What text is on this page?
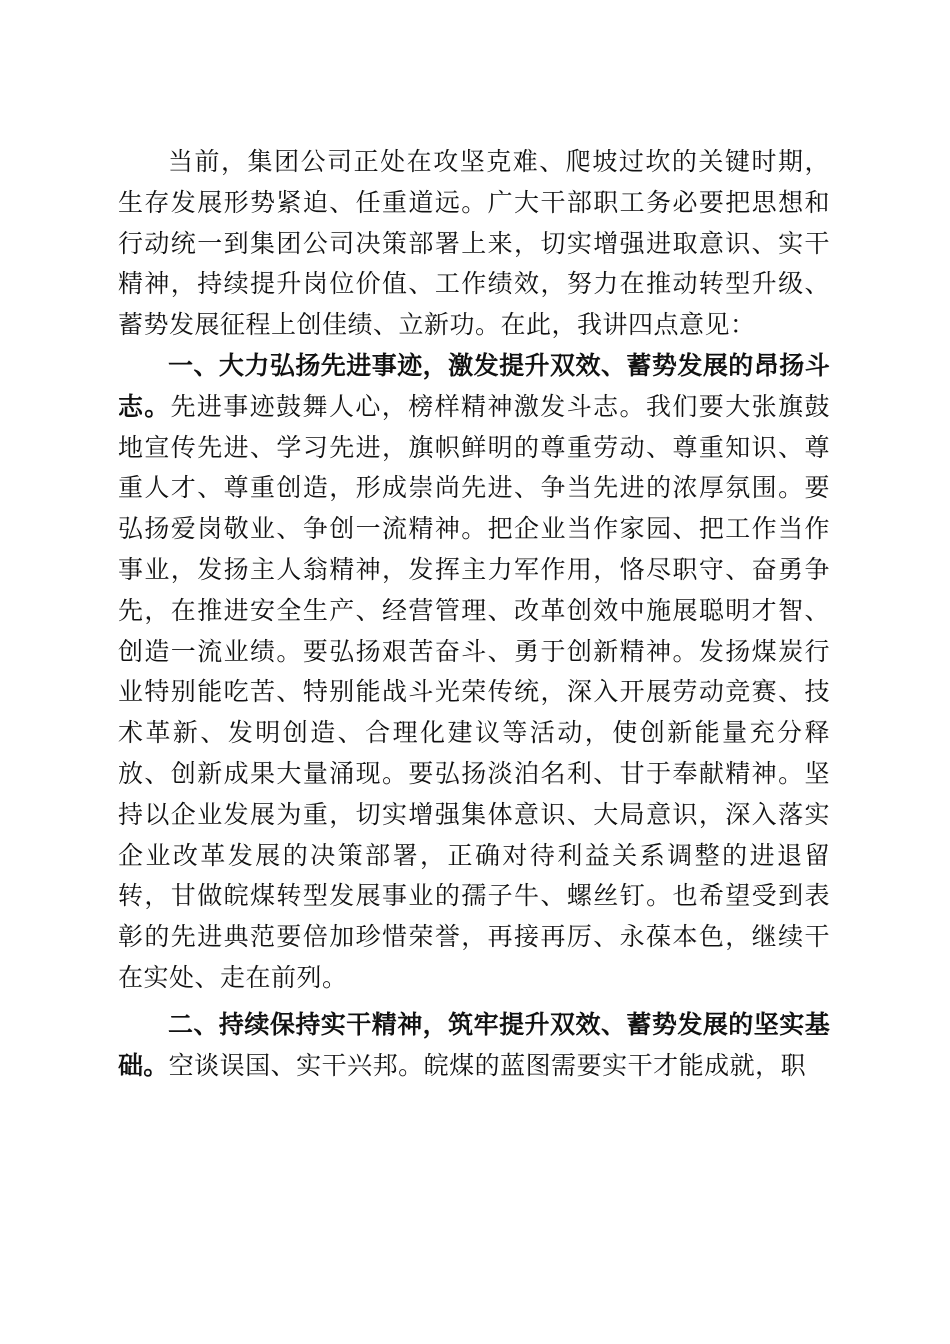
当前，集团公司正处在攻坚克难、爬坡过坎的关键时期，生存发展形势紧迫、任重道远。广大干部职工务必要把思想和行动统一到集团公司决策部署上来，切实增强进取意识、实干精神，持续提升岗位价值、工作绩效，努力在推动转型升级、蓄势发展征程上创佳绩、立新功。在此，我讲四点意见：

一、大力弘扬先进事迹，激发提升双效、蓄势发展的昂扬斗志。先进事迹鼓舞人心，榜样精神激发斗志。我们要大张旗鼓地宣传先进、学习先进，旗帜鲜明的尊重劳动、尊重知识、尊重人才、尊重创造，形成崇尚先进、争当先进的浓厚氛围。要弘扬爱岗敬业、争创一流精神。把企业当作家园、把工作当作事业，发扬主人翁精神，发挥主力军作用，恪尽职守、奋勇争先，在推进安全生产、经营管理、改革创效中施展聪明才智、创造一流业绩。要弘扬艰苦奋斗、勇于创新精神。发扬煤炭行业特别能吃苦、特别能战斗光荣传统，深入开展劳动竞赛、技术革新、发明创造、合理化建议等活动，使创新能量充分释放、创新成果大量涌现。要弘扬淡泊名利、甘于奉献精神。坚持以企业发展为重，切实增强集体意识、大局意识，深入落实企业改革发展的决策部署，正确对待利益关系调整的进退留转，甘做皖煤转型发展事业的孺子牛、螺丝钉。也希望受到表彰的先进典范要倍加珍惜荣誉，再接再厉、永葆本色，继续干在实处、走在前列。

二、持续保持实干精神，筑牢提升双效、蓄势发展的坚实基础。空谈误国、实干兴邦。皖煤的蓝图需要实干才能成就，职
